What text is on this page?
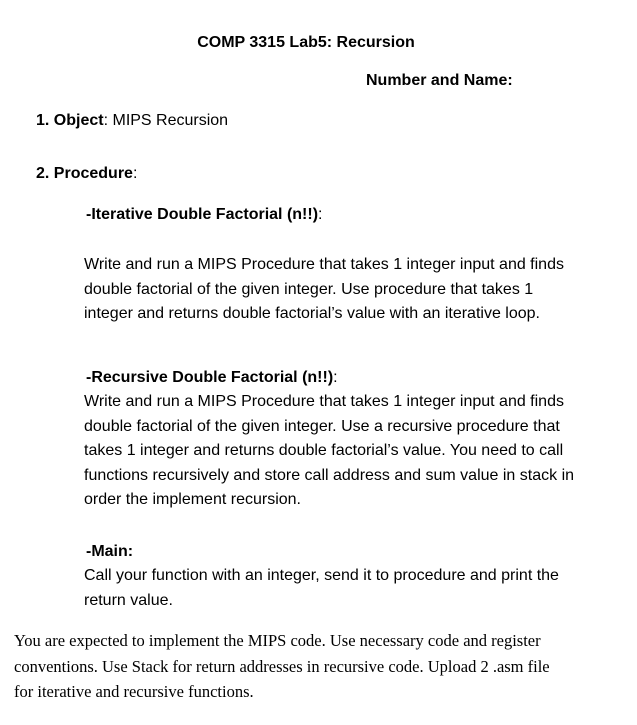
COMP 3315 Lab5: Recursion
Number and Name:
1. Object: MIPS Recursion
2. Procedure:
-Iterative Double Factorial (n!!):

Write and run a MIPS Procedure that takes 1 integer input and finds
double factorial of the given integer. Use procedure that takes 1
integer and returns double factorial’s value with an iterative loop.

-Recursive Double Factorial (n!!):

Write and run a MIPS Procedure that takes 1 integer input and finds
double factorial of the given integer. Use a recursive procedure that
takes 1 integer and returns double factorial’s value. You need to call
functions recursively and store call address and sum value in stack in
order the implement recursion.

-Main:

Call your function with an integer, send it to procedure and print the
return value.

You are expected to implement the MIPS code. Use necessary code and register
conventions. Use Stack for return addresses in recursive code. Upload 2 .asm file
for iterative and recursive functions.
